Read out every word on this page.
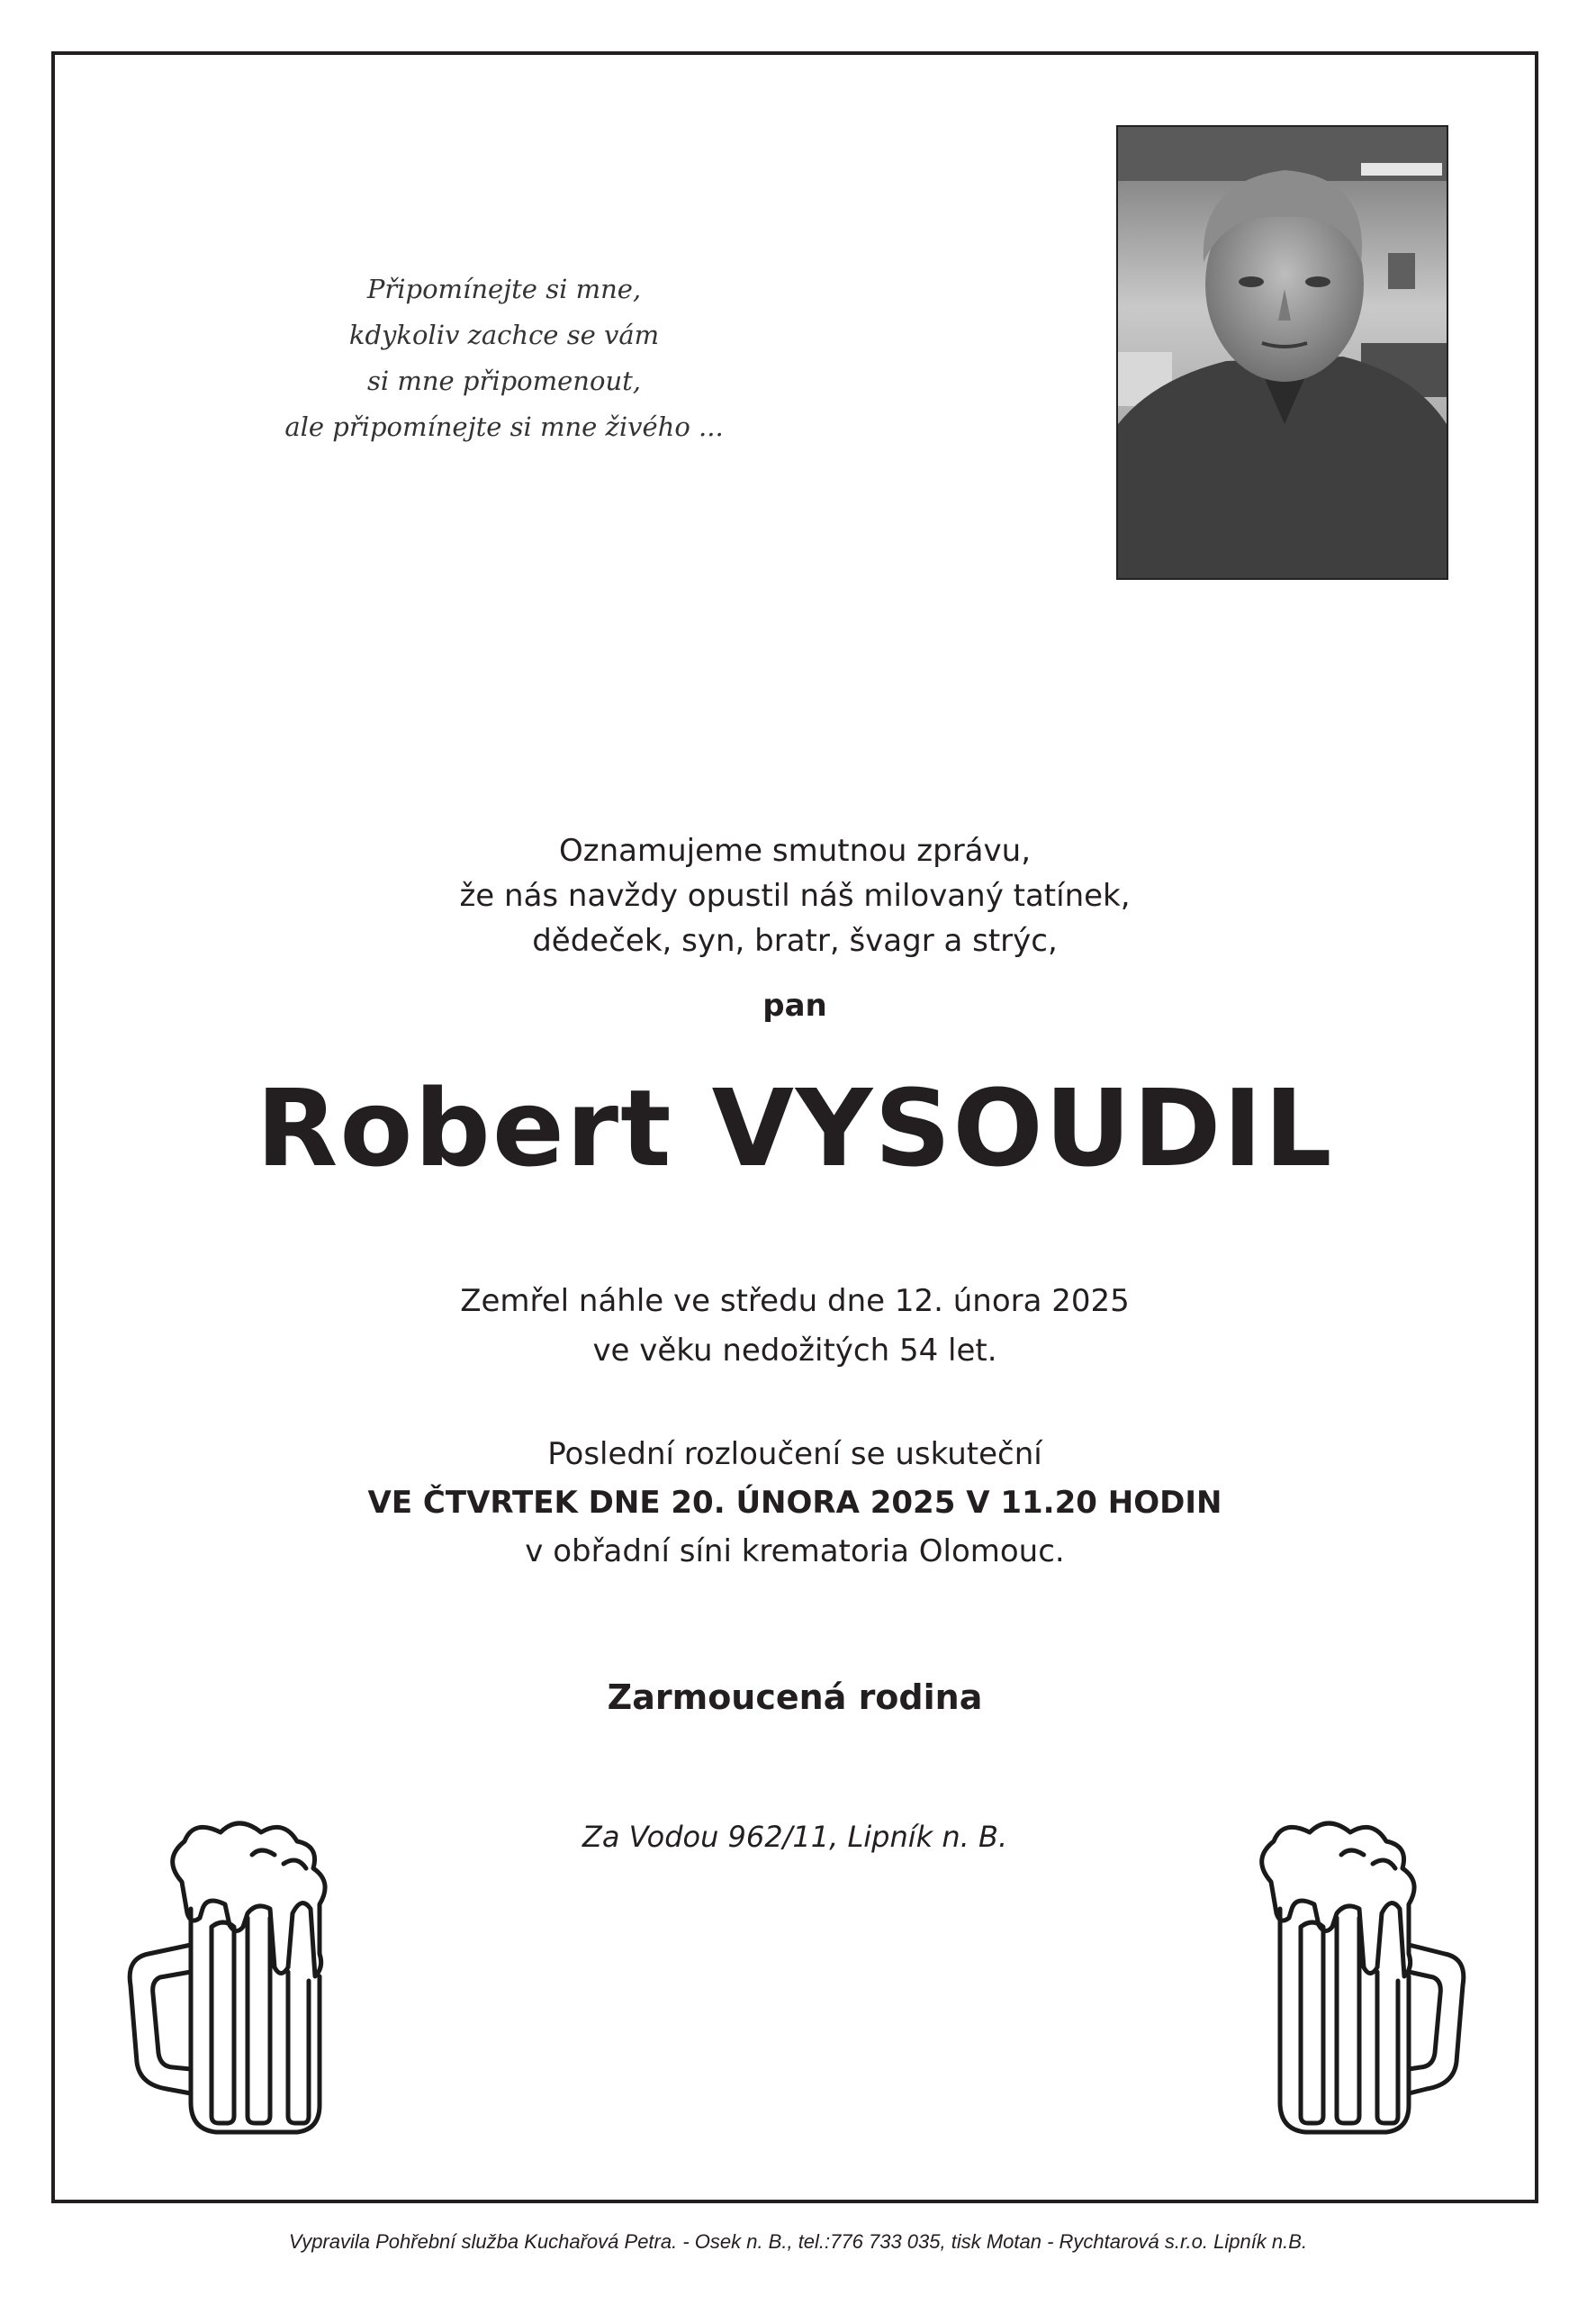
Připomínejte si mne,
kdykoliv zachce se vám
si mne připomenout,
ale připomínejte si mne živého ...
Oznamujeme smutnou zprávu,
že nás navždy opustil náš milovaný tatínek,
dědeček, syn, bratr, švagr a strýc,
pan
Robert VYSOUDIL
Zemřel náhle ve středu dne 12. února 2025
ve věku nedožitých 54 let.
Poslední rozloučení se uskuteční
VE ČTVRTEK DNE 20. ÚNORA 2025 V 11.20 HODIN
v obřadní síni krematoria Olomouc.
Zarmoucená rodina
Za Vodou 962/11, Lipník n. B.
Vypravila Pohřební služba Kuchařová Petra. - Osek n. B., tel.:776 733 035, tisk Motan - Rychtarová s.r.o. Lipník n.B.
